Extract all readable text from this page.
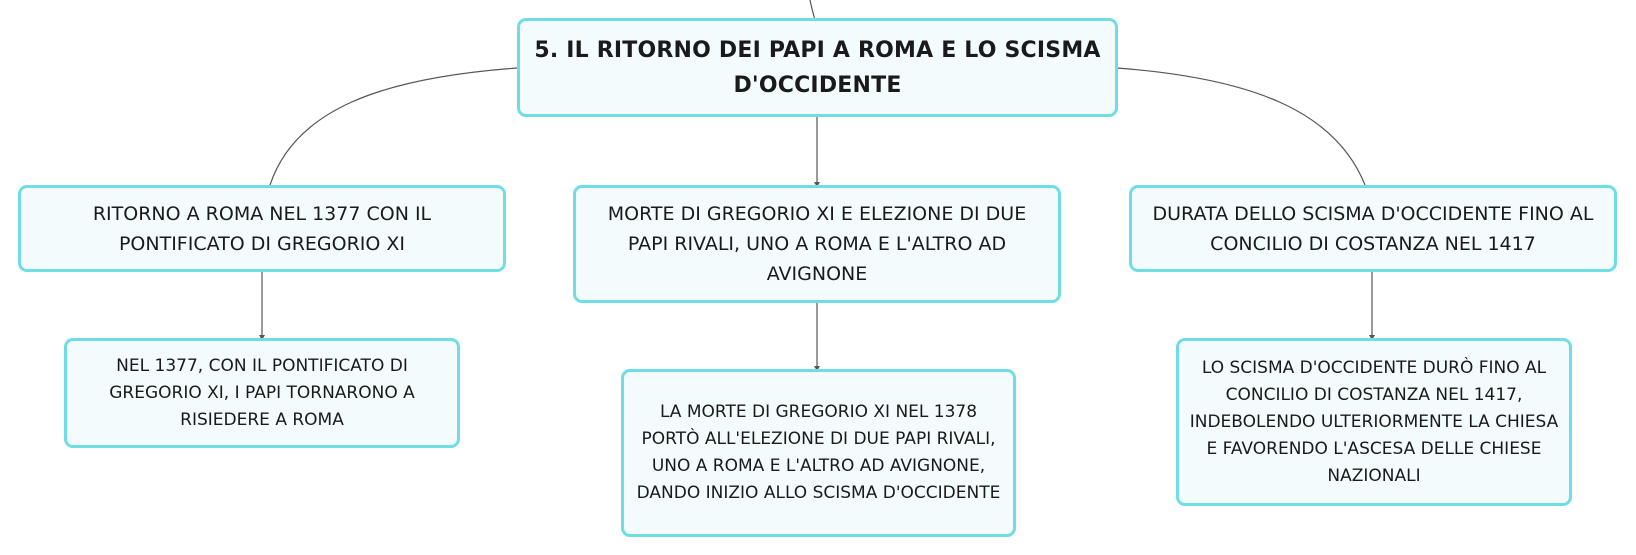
5. IL RITORNO DEI PAPI A ROMA E LO SCISMA D'OCCIDENTE
RITORNO A ROMA NEL 1377 CON IL PONTIFICATO DI GREGORIO XI
MORTE DI GREGORIO XI E ELEZIONE DI DUE PAPI RIVALI, UNO A ROMA E L'ALTRO AD AVIGNONE
DURATA DELLO SCISMA D'OCCIDENTE FINO AL CONCILIO DI COSTANZA NEL 1417
NEL 1377, CON IL PONTIFICATO DI GREGORIO XI, I PAPI TORNARONO A RISIEDERE A ROMA	LA MORTE DI GREGORIO XI NEL 1378 PORTÒ ALL'ELEZIONE DI DUE PAPI RIVALI, UNO A ROMA E L'ALTRO AD AVIGNONE, DANDO INIZIO ALLO SCISMA D'OCCIDENTE
LO SCISMA D'OCCIDENTE DURÒ FINO AL CONCILIO DI COSTANZA NEL 1417, INDEBOLENDO ULTERIORMENTE LA CHIESA E FAVORENDO L'ASCESA DELLE CHIESE NAZIONALI
